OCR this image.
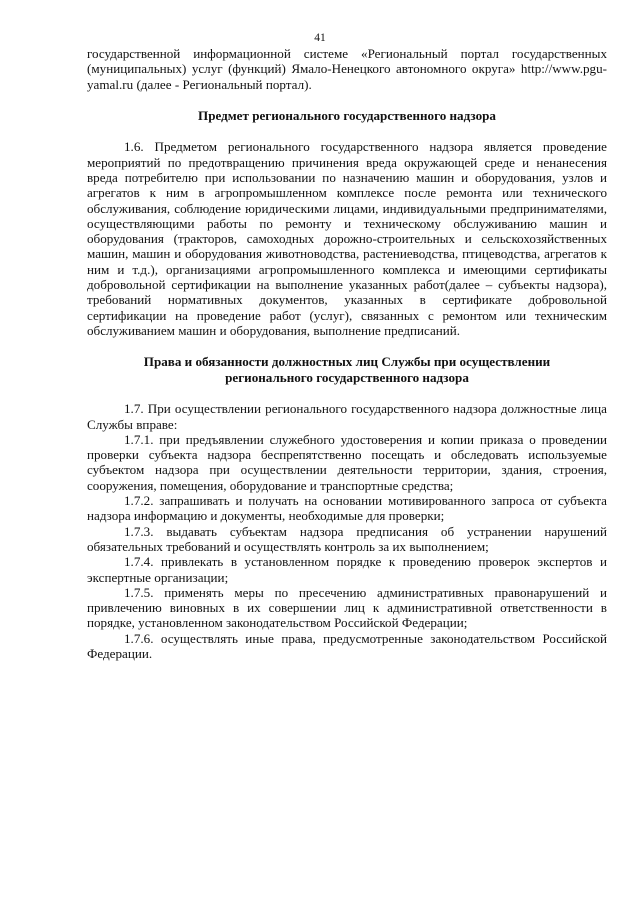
41

государственной информационной системе «Региональный портал государственных (муниципальных) услуг (функций) Ямало-Ненецкого автономного округа» http://www.pgu-yamal.ru (далее - Региональный портал).

Предмет регионального государственного надзора

1.6. Предметом регионального государственного надзора является проведение мероприятий по предотвращению причинения вреда окружающей среде и ненанесения вреда потребителю при использовании по назначению машин и оборудования, узлов и агрегатов к ним в агропромышленном комплексе после ремонта или технического обслуживания, соблюдение юридическими лицами, индивидуальными предпринимателями, осуществляющими работы по ремонту и техническому обслуживанию машин и оборудования (тракторов, самоходных дорожно-строительных и сельскохозяйственных машин, машин и оборудования животноводства, растениеводства, птицеводства, агрегатов к ним и т.д.), организациями агропромышленного комплекса и имеющими сертификаты добровольной сертификации на выполнение указанных работ(далее – субъекты надзора), требований нормативных документов, указанных в сертификате добровольной сертификации на проведение работ (услуг), связанных с ремонтом или техническим обслуживанием машин и оборудования, выполнение предписаний.

Права и обязанности должностных лиц Службы при осуществлении

регионального государственного надзора

1.7. При осуществлении регионального государственного надзора должностные лица Службы вправе:

1.7.1. при предъявлении служебного удостоверения и копии приказа о проведении проверки субъекта надзора беспрепятственно посещать и обследовать используемые субъектом надзора при осуществлении деятельности территории, здания, строения, сооружения, помещения, оборудование и транспортные средства;

1.7.2. запрашивать и получать на основании мотивированного запроса от субъекта надзора информацию и документы, необходимые для проверки;

1.7.3. выдавать субъектам надзора предписания об устранении нарушений обязательных требований и осуществлять контроль за их выполнением;

1.7.4. привлекать в установленном порядке к проведению проверок экспертов и экспертные организации;

1.7.5. применять меры по пресечению административных правонарушений и привлечению виновных в их совершении лиц к административной ответственности в порядке, установленном законодательством Российской Федерации;

1.7.6. осуществлять иные права, предусмотренные законодательством Российской Федерации.
